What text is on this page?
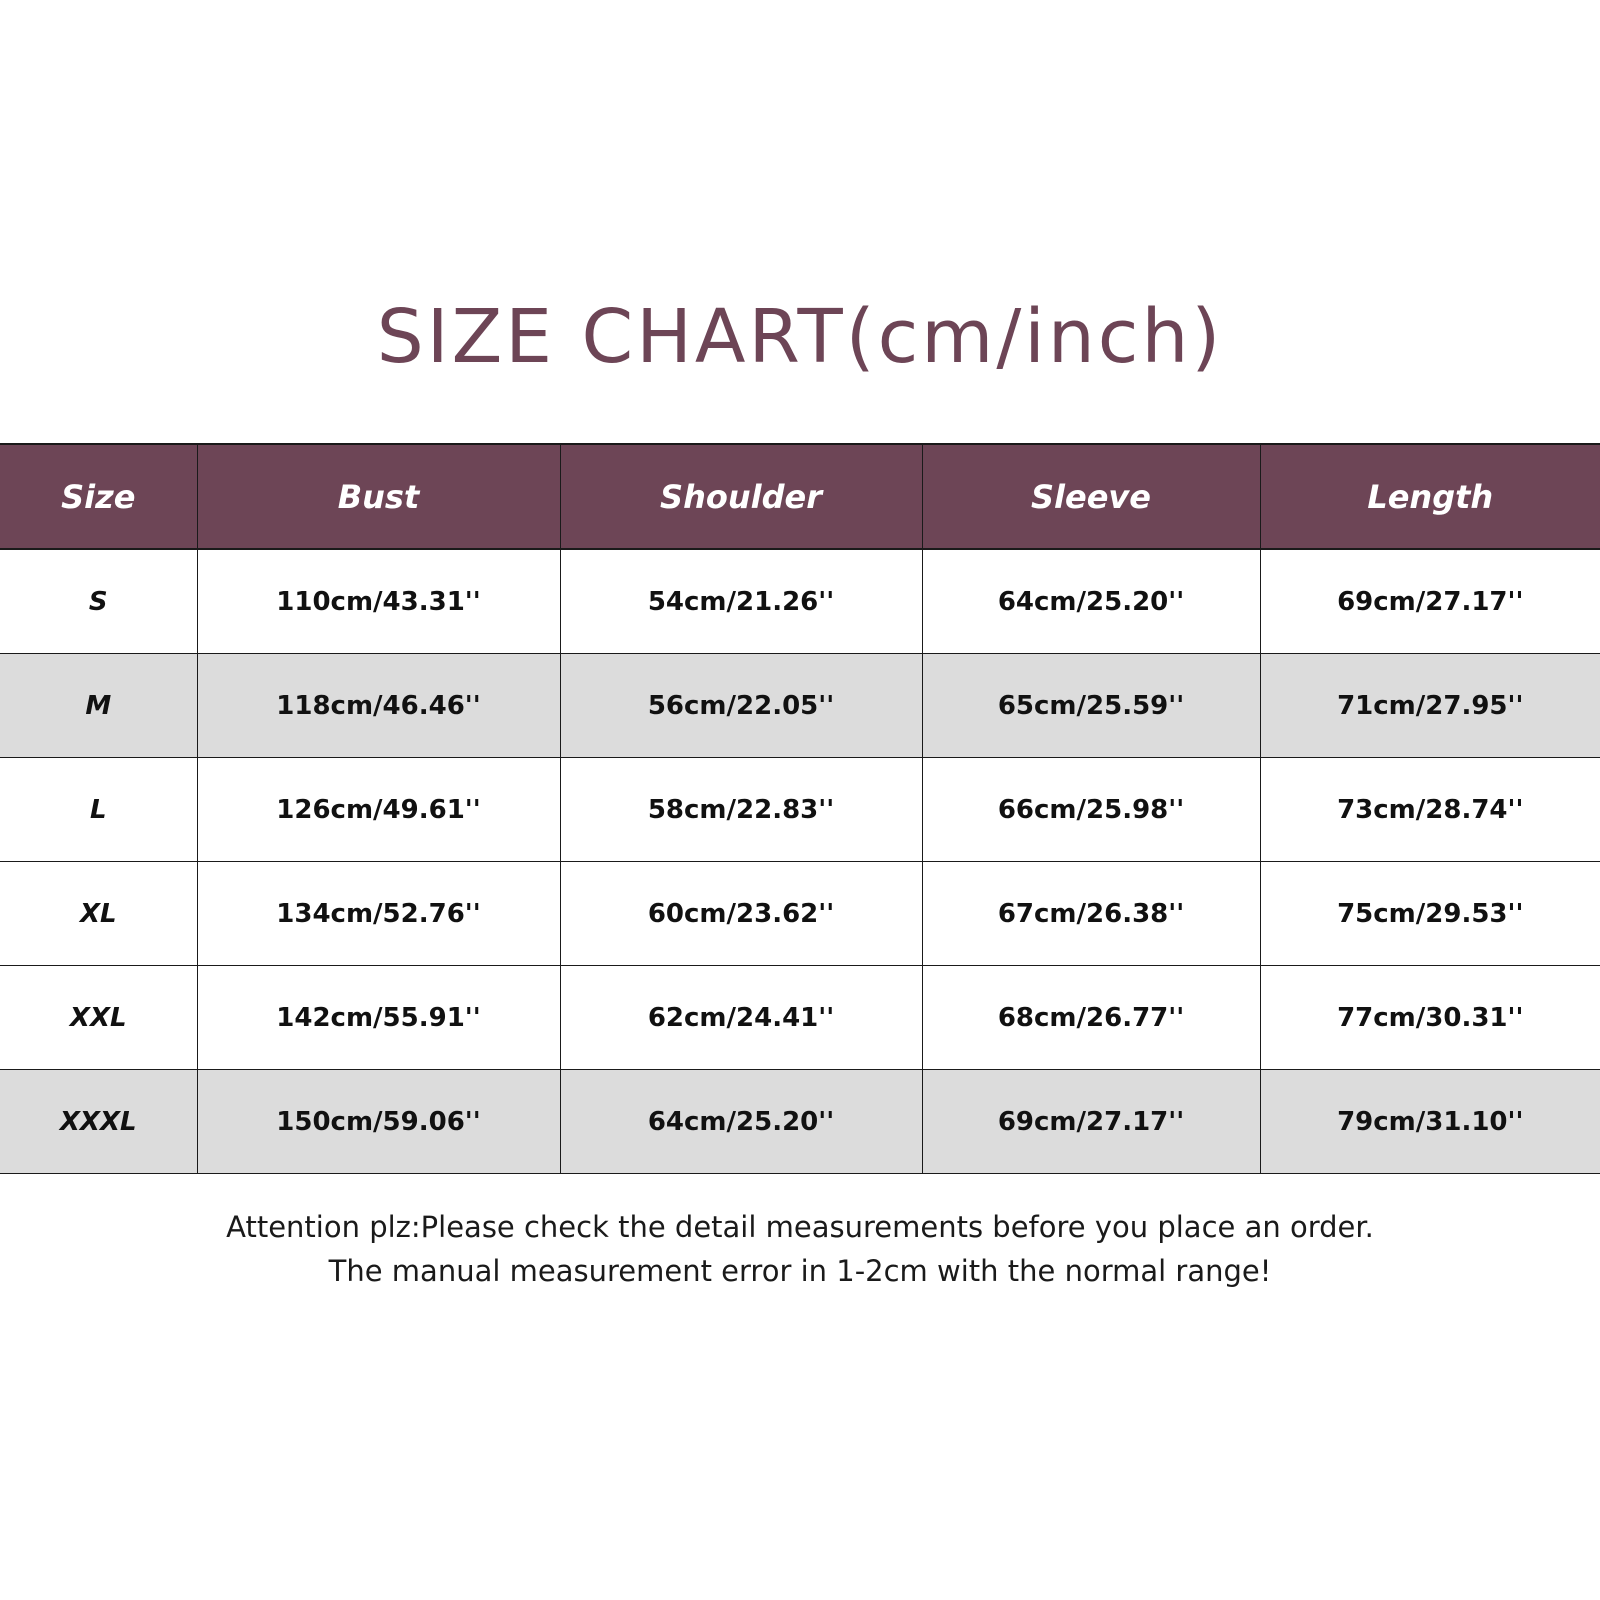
SIZE CHART(cm/inch)
Size	Bust	Shoulder	Sleeve	Length
S	110cm/43.31''	54cm/21.26''	64cm/25.20''	69cm/27.17''
M	118cm/46.46''	56cm/22.05''	65cm/25.59''	71cm/27.95''
L	126cm/49.61''	58cm/22.83''	66cm/25.98''	73cm/28.74''
XL	134cm/52.76''	60cm/23.62''	67cm/26.38''	75cm/29.53''
XXL	142cm/55.91''	62cm/24.41''	68cm/26.77''	77cm/30.31''
XXXL	150cm/59.06''	64cm/25.20''	69cm/27.17''	79cm/31.10''
Attention plz:Please check the detail measurements before you place an order.
The manual measurement error in 1-2cm with the normal range!
